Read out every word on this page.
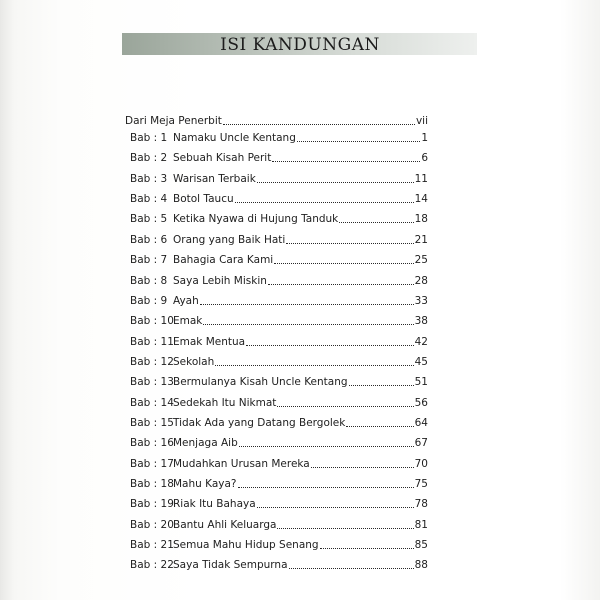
ISI KANDUNGAN
Dari Meja Penerbit	vii
Bab : 1 Namaku Uncle Kentang	1
Bab : 2 Sebuah Kisah Perit	6
Bab : 3 Warisan Terbaik	11
Bab : 4 Botol Taucu	14
Bab : 5 Ketika Nyawa di Hujung Tanduk	18
Bab : 6 Orang yang Baik Hati	21
Bab : 7 Bahagia Cara Kami	25
Bab : 8 Saya Lebih Miskin	28
Bab : 9 Ayah	33
Bab : 10 Emak	38
Bab : 11 Emak Mentua	42
Bab : 12 Sekolah	45
Bab : 13 Bermulanya Kisah Uncle Kentang	51
Bab : 14 Sedekah Itu Nikmat	56
Bab : 15 Tidak Ada yang Datang Bergolek	64
Bab : 16 Menjaga Aib	67
Bab : 17 Mudahkan Urusan Mereka	70
Bab : 18 Mahu Kaya?	75
Bab : 19 Riak Itu Bahaya	78
Bab : 20 Bantu Ahli Keluarga	81
Bab : 21 Semua Mahu Hidup Senang	85
Bab : 22 Saya Tidak Sempurna	88
